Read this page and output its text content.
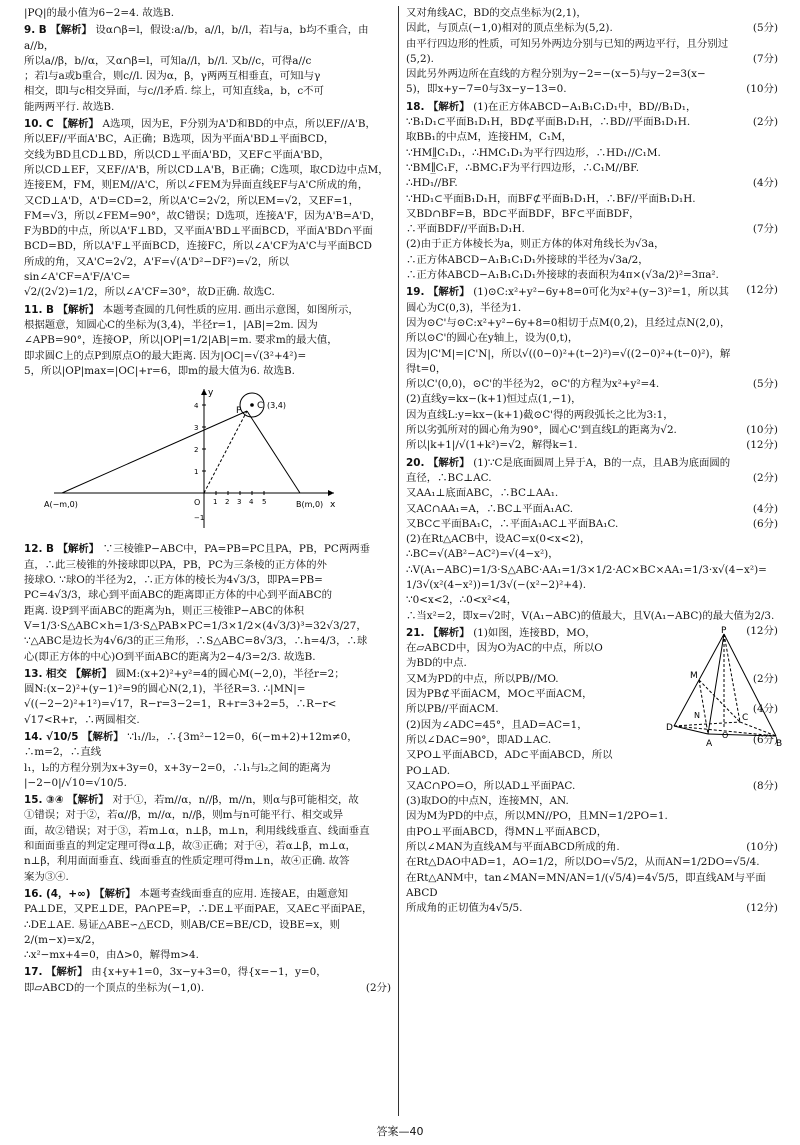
|PQ|的最小值为6−2=4. 故选B.
9. B 【解析】 设α∩β=l，假设:a//b，a//l，b//l，若l与a，b均不重合，由a//b，
所以a//β，b//α，又α∩β=l，可知a//l，b//l. 又b//c，可得a//c
；若l与a或b重合，则c//l. 因为α，β，γ两两互相垂直，可知l与γ
相交，即l与c相交异面，与c//l矛盾. 综上，可知直线a，b，c不可
能两两平行. 故选B.
10. C 【解析】 A选项，因为E，F分别为A'D和BD的中点，所以EF//A'B，
所以EF//平面A'BC，A正确；B选项，因为平面A'BD⊥平面BCD，
交线为BD且CD⊥BD，所以CD⊥平面A'BD，又EF⊂平面A'BD，
所以CD⊥EF，又EF//A'B，所以CD⊥A'B，B正确；C选项，取CD边中点M，
连接EM，FM，则EM//A'C，所以∠FEM为异面直线EF与A'C所成的角，
又CD⊥A'D，A'D=CD=2，所以A'C=2√2，所以EM=√2，又EF=1，
FM=√3，所以∠FEM=90°，故C错误；D选项，连接A'F，因为A'B=A'D，
F为BD的中点，所以A'F⊥BD，又平面A'BD⊥平面BCD，平面A'BD∩平面
BCD=BD，所以A'F⊥平面BCD，连接FC，所以∠A'CF为A'C与平面BCD
所成的角，又A'C=2√2，A'F=√(A'D²−DF²)=√2，所以sin∠A'CF=A'F/A'C=
√2/(2√2)=1/2，所以∠A'CF=30°，故D正确. 故选C.
11. B 【解析】 本题考查圆的几何性质的应用. 画出示意图，如图所示，
根据题意，知圆心C的坐标为(3,4)，半径r=1，|AB|=2m. 因为
∠APB=90°，连接OP，所以|OP|=1/2|AB|=m. 要求m的最大值，
即求圆C上的点P到原点O的最大距离. 因为|OC|=√(3²+4²)=
5，所以|OP|max=|OC|+r=6，即m的最大值为6. 故选B.
y
x
P C (3,4)
A(−m,0)	O	B(m,0)
1
2
3
4
1 2 3 4
−1
5
12. B 【解析】 ∵三棱锥P−ABC中，PA=PB=PC且PA，PB，PC两两垂
直，∴此三棱锥的外接球即以PA，PB，PC为三条棱的正方体的外
接球O. ∵球O的半径为2，∴正方体的棱长为4√3/3，即PA=PB=
PC=4√3/3，球心到平面ABC的距离即正方体的中心到平面ABC的
距离. 设P到平面ABC的距离为h，则正三棱锥P−ABC的体积
V=1/3·S△ABC×h=1/3·S△PAB×PC=1/3×1/2×(4√3/3)³=32√3/27，
∵△ABC是边长为4√6/3的正三角形，∴S△ABC=8√3/3，∴h=4/3，∴球
心(即正方体的中心)O到平面ABC的距离为2−4/3=2/3. 故选B.
13. 相交 【解析】 圆M:(x+2)²+y²=4的圆心M(−2,0)，半径r=2；
圆N:(x−2)²+(y−1)²=9的圆心N(2,1)，半径R=3. ∴|MN|=
√((−2−2)²+1²)=√17，R−r=3−2=1，R+r=3+2=5，∴R−r<
√17<R+r，∴两圆相交.
14. √10/5 【解析】 ∵l₁//l₂，∴{3m²−12=0，6(−m+2)+12m≠0，∴m=2，∴直线
l₁，l₂的方程分别为x+3y=0，x+3y−2=0，∴l₁与l₂之间的距离为
|−2−0|/√10=√10/5.
15. ③④ 【解析】 对于①，若m//α，n//β，m//n，则α与β可能相交，故
①错误；对于②，若α//β，m//α，n//β，则m与n可能平行、相交或异
面，故②错误；对于③，若m⊥α，n⊥β，m⊥n，利用线线垂直、线面垂直
和面面垂直的判定定理可得α⊥β，故③正确；对于④，若α⊥β，m⊥α，
n⊥β，利用面面垂直、线面垂直的性质定理可得m⊥n，故④正确. 故答
案为③④.
16. (4，+∞) 【解析】 本题考查线面垂直的应用. 连接AE，由题意知
PA⊥DE，又PE⊥DE，PA∩PE=P，∴DE⊥平面PAE，又AE⊂平面PAE，
∴DE⊥AE. 易证△ABE∽△ECD，则AB/CE=BE/CD，设BE=x，则2/(m−x)=x/2，
∴x²−mx+4=0，由Δ>0，解得m>4.
17. 【解析】 由{x+y+1=0，3x−y+3=0，得{x=−1，y=0，
(2分)
即▱ABCD的一个顶点的坐标为(−1,0).
又对角线AC，BD的交点坐标为(2,1)，
(5分)
因此，与顶点(−1,0)相对的顶点坐标为(5,2).
由平行四边形的性质，可知另外两边分别与已知的两边平行，且分别过
(7分)
(5,2).
因此另外两边所在直线的方程分别为y−2=−(x−5)与y−2=3(x−
(10分)
5)，即x+y−7=0与3x−y−13=0.
18. 【解析】 (1)在正方体ABCD−A₁B₁C₁D₁中，BD//B₁D₁，
(2分)
∵B₁D₁⊂平面B₁D₁H，BD⊄平面B₁D₁H，∴BD//平面B₁D₁H.
取BB₁的中点M，连接HM，C₁M，
∵HM∥̲C₁D₁，∴HMC₁D₁为平行四边形，∴HD₁//C₁M.
∵BM∥̲C₁F，∴BMC₁F为平行四边形，∴C₁M//BF.
(4分)
∴HD₁//BF.
∵HD₁⊂平面B₁D₁H，而BF⊄平面B₁D₁H，∴BF//平面B₁D₁H.
又BD∩BF=B，BD⊂平面BDF，BF⊂平面BDF，
(7分)
∴平面BDF//平面B₁D₁H.
(2)由于正方体棱长为a，则正方体的体对角线长为√3a，
∴正方体ABCD−A₁B₁C₁D₁外接球的半径为√3a/2，
∴正方体ABCD−A₁B₁C₁D₁外接球的表面积为4π×(√3a/2)²=3πa².
(12分)
19. 【解析】 (1)⊙C:x²+y²−6y+8=0可化为x²+(y−3)²=1，所以其
圆心为C(0,3)，半径为1.
因为⊙C'与⊙C:x²+y²−6y+8=0相切于点M(0,2)，且经过点N(2,0)，
所以⊙C'的圆心在y轴上，设为(0,t)，
因为|C'M|=|C'N|，所以√((0−0)²+(t−2)²)=√((2−0)²+(t−0)²)，解
得t=0，
(5分)
所以C'(0,0)，⊙C'的半径为2，⊙C'的方程为x²+y²=4.
(2)直线y=kx−(k+1)恒过点(1,−1)，
因为直线L:y=kx−(k+1)截⊙C'得的两段弧长之比为3:1，
(10分)
所以劣弧所对的圆心角为90°，圆心C'到直线L的距离为√2.
(12分)
所以|k+1|/√(1+k²)=√2，解得k=1.
20. 【解析】 (1)∵C是底面圆周上异于A，B的一点，且AB为底面圆的
(2分)
直径，∴BC⊥AC.
又AA₁⊥底面ABC，∴BC⊥AA₁.
(4分)
又AC∩AA₁=A，∴BC⊥平面A₁AC.
(6分)
又BC⊂平面BA₁C，∴平面A₁AC⊥平面BA₁C.
(2)在Rt△ACB中，设AC=x(0<x<2)，
∴BC=√(AB²−AC²)=√(4−x²)，
∴V(A₁−ABC)=1/3·S△ABC·AA₁=1/3×1/2·AC×BC×AA₁=1/3·x√(4−x²)=
1/3√(x²(4−x²))=1/3√(−(x²−2)²+4).
∵0<x<2，∴0<x²<4，
∴当x²=2，即x=√2时，V(A₁−ABC)的值最大，且V(A₁−ABC)的最大值为2/3.
(12分)
21. 【解析】 (1)如图，连接BD，MO，
在▱ABCD中，因为O为AC的中点，所以O
为BD的中点.
(2分)
又M为PD的中点，所以PB//MO.
因为PB⊄平面ACM，MO⊂平面ACM，
(4分)
所以PB//平面ACM.
(2)因为∠ADC=45°，且AD=AC=1，
(6分)
所以∠DAC=90°，即AD⊥AC.
又PO⊥平面ABCD，AD⊂平面ABCD，所以
PO⊥AD.
(8分)
又AC∩PO=O，所以AD⊥平面PAC.
(3)取DO的中点N，连接MN，AN.
因为M为PD的中点，所以MN//PO，且MN=1/2PO=1.
由PO⊥平面ABCD，得MN⊥平面ABCD，
(10分)
所以∠MAN为直线AM与平面ABCD所成的角.
在Rt△DAO中AD=1，AO=1/2，所以DO=√5/2，从而AN=1/2DO=√5/4.
在Rt△ANM中，tan∠MAN=MN/AN=1/(√5/4)=4√5/5，即直线AM与平面ABCD
(12分)
所成角的正切值为4√5/5.
P
M
N
A
O
C
D
B
答案—40
